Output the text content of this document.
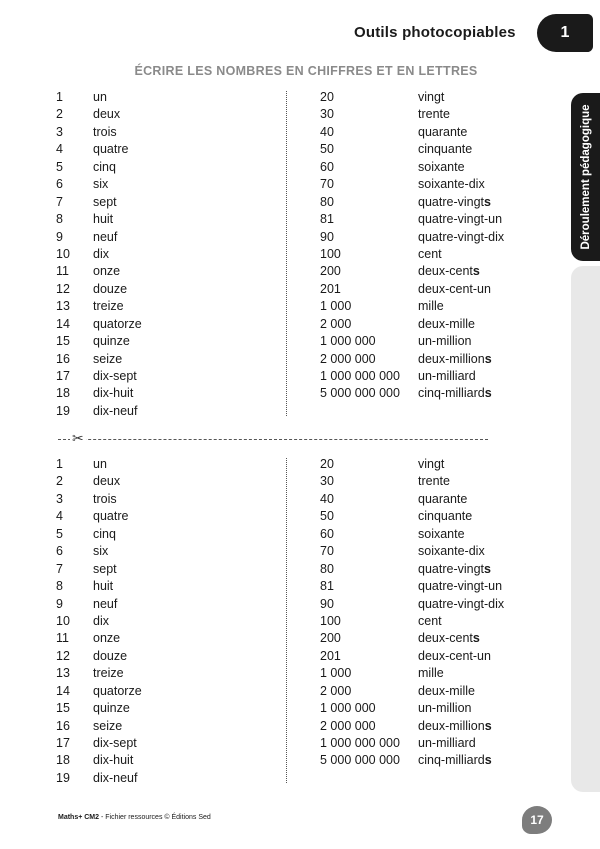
Outils photocopiables	1
Déroulement pédagogique
ÉCRIRE LES NOMBRES EN CHIFFRES ET EN LETTRES
1 un
2 deux
3 trois
4 quatre
5 cinq
6 six
7 sept
8 huit
9 neuf
10 dix
11 onze
12 douze
13 treize
14 quatorze
15 quinze
16 seize
17 dix-sept
18 dix-huit
19 dix-neuf
20	vingt
30	trente
40	quarante
50	cinquante
60	soixante
70	soixante-dix
80	quatre-vingts
81	quatre-vingt-un
90	quatre-vingt-dix
100	cent
200	deux-cents
201	deux-cent-un
1 000	mille
2 000	deux-mille
1 000 000	un-million
2 000 000	deux-millions
1 000 000 000 un-milliard
5 000 000 000 cinq-milliards
✂
1 un
2 deux
3 trois
4 quatre
5 cinq
6 six
7 sept
8 huit
9 neuf
10 dix
11 onze
12 douze
13 treize
14 quatorze
15 quinze
16 seize
17 dix-sept
18 dix-huit
19 dix-neuf
20	vingt
30	trente
40	quarante
50	cinquante
60	soixante
70	soixante-dix
80	quatre-vingts
81	quatre-vingt-un
90	quatre-vingt-dix
100	cent
200	deux-cents
201	deux-cent-un
1 000	mille
2 000	deux-mille
1 000 000	un-million
2 000 000	deux-millions
1 000 000 000 un-milliard
5 000 000 000 cinq-milliards
Maths+ CM2 - Fichier ressources © Éditions Sed	17
